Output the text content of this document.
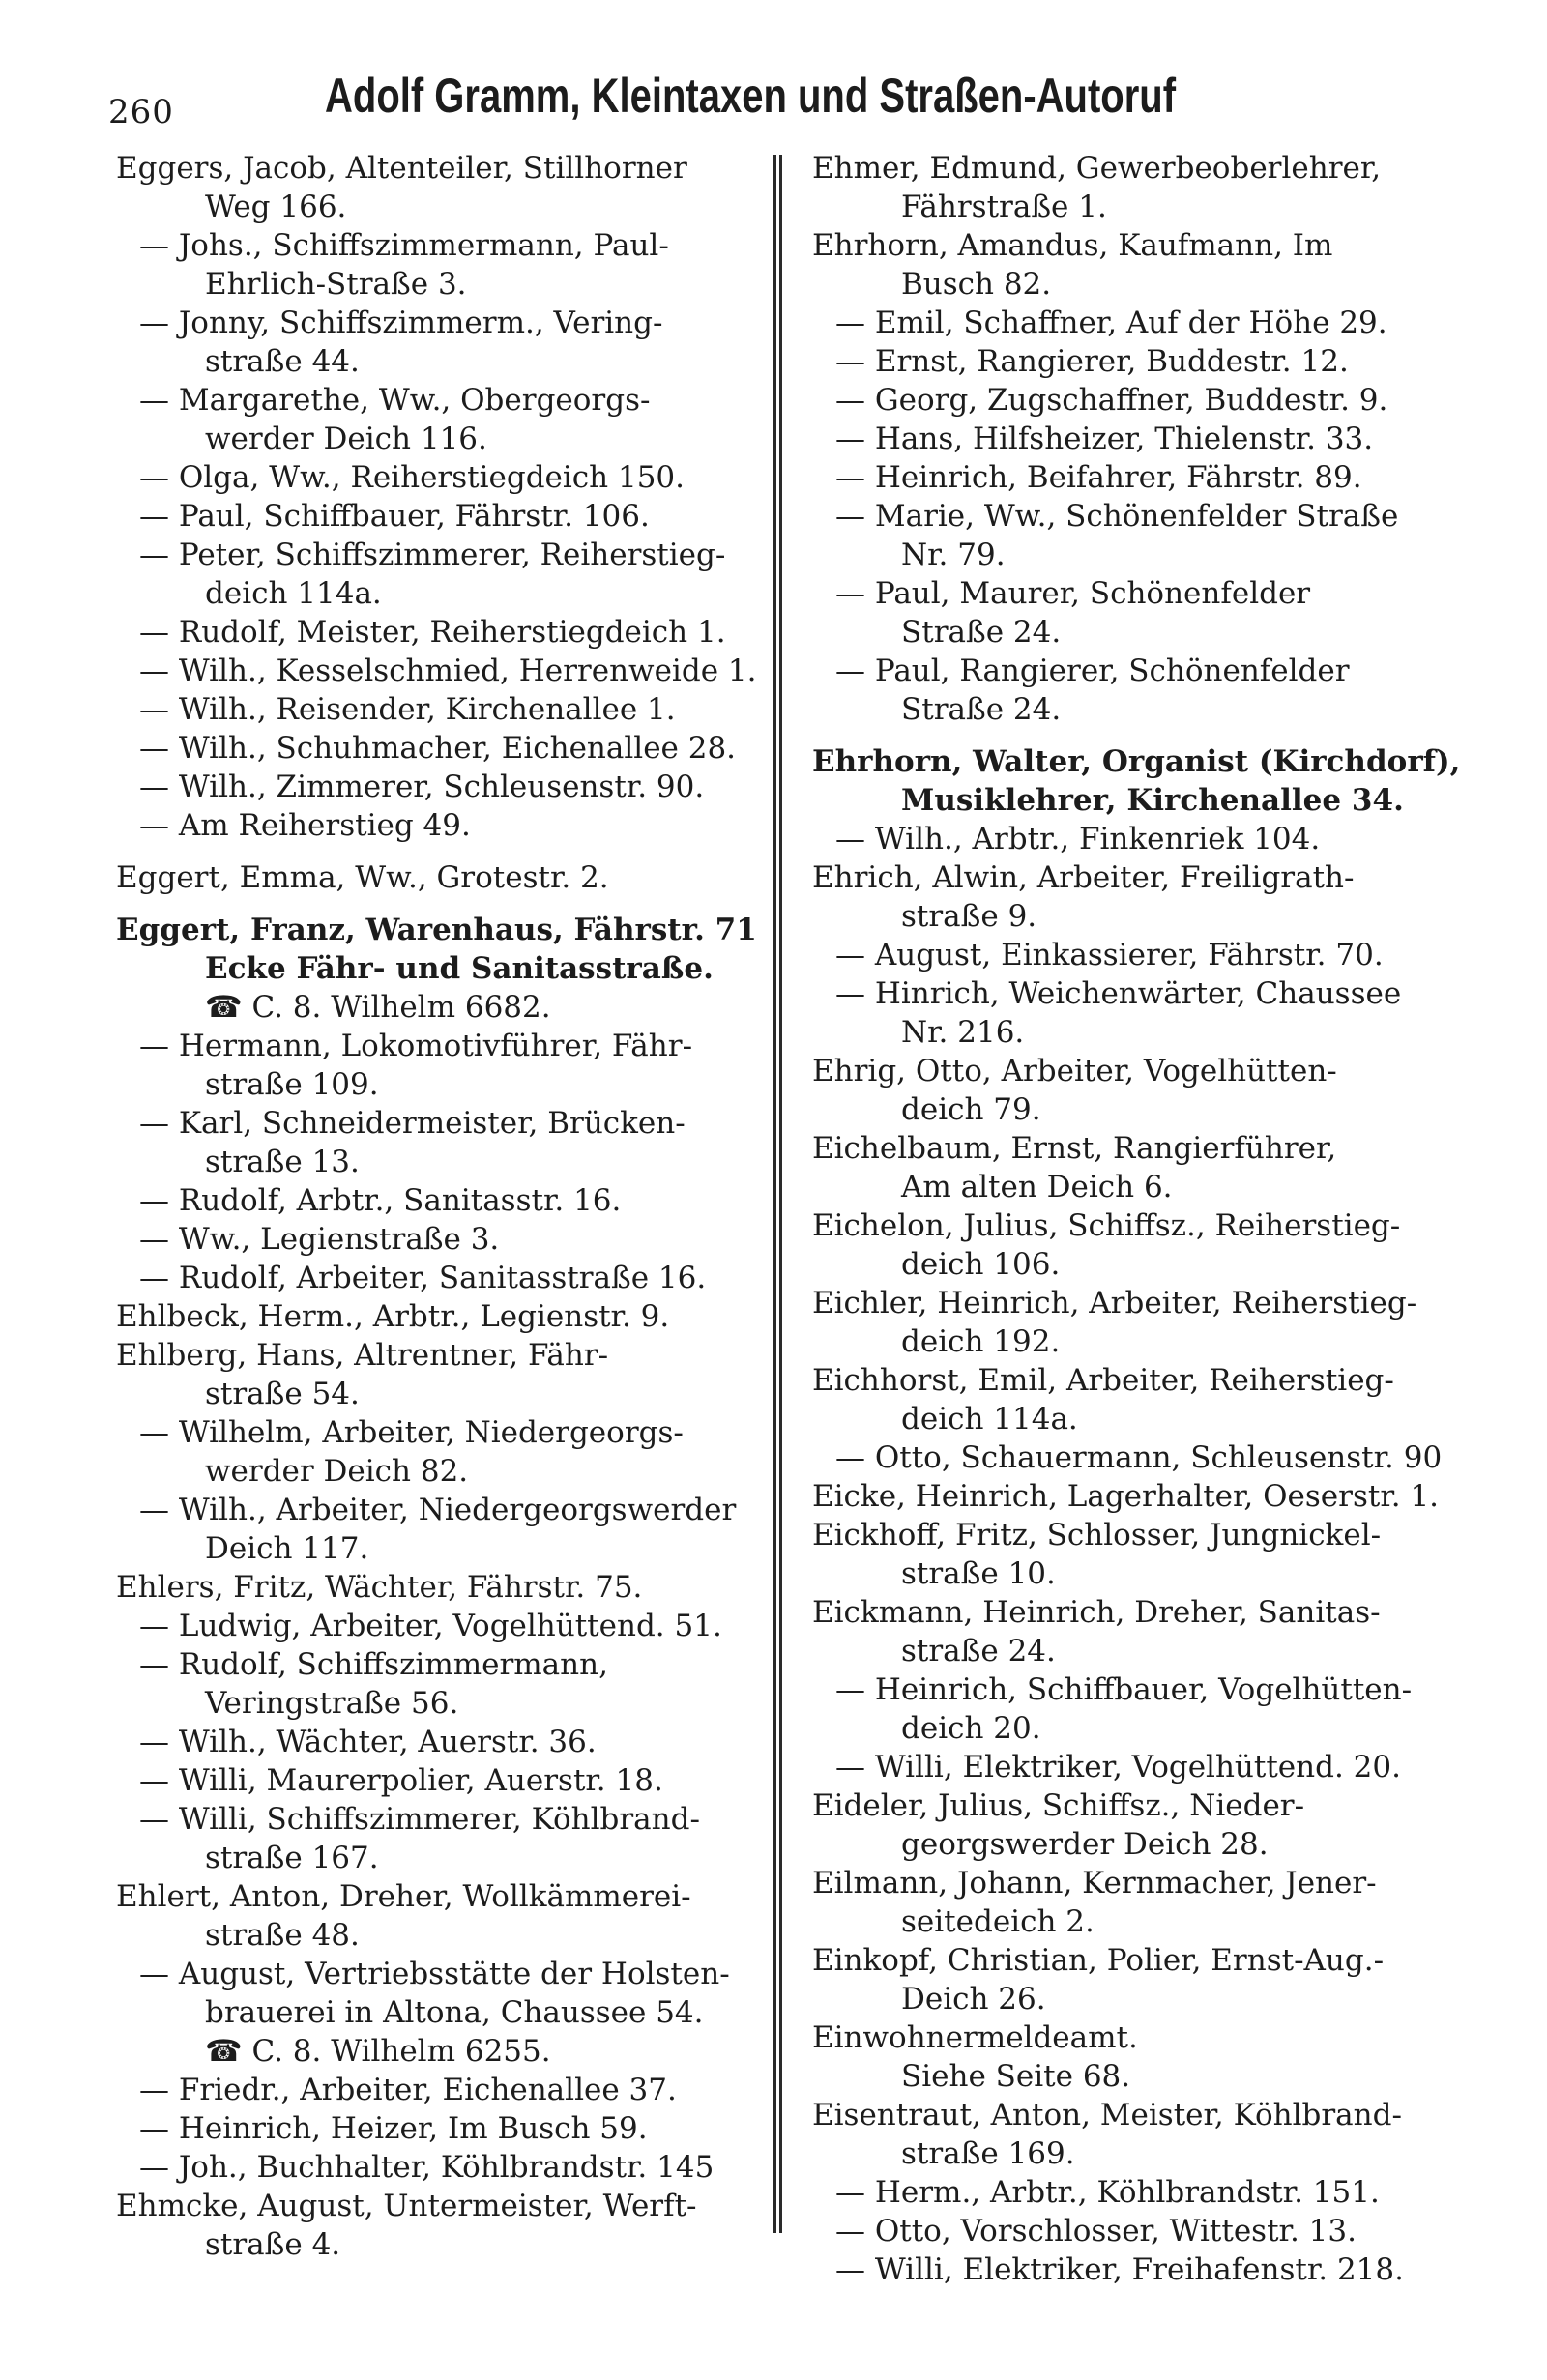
260	Adolf Gramm, Kleintaxen und Straßen-Autoruf

Eggers, Jacob, Altenteiler, Stillhorner
Weg 166.

— Johs., Schiffszimmermann, Paul-
Ehrlich-Straße 3.

— Jonny, Schiffszimmerm., Vering-
straße 44.

— Margarethe, Ww., Obergeorgs-
werder Deich 116.

— Olga, Ww., Reiherstiegdeich 150.

— Paul, Schiffbauer, Fährstr. 106.

— Peter, Schiffszimmerer, Reiherstieg-
deich 114a.

— Rudolf, Meister, Reiherstiegdeich 1.

— Wilh., Kesselschmied, Herrenweide 1.

— Wilh., Reisender, Kirchenallee 1.

— Wilh., Schuhmacher, Eichenallee 28.

— Wilh., Zimmerer, Schleusenstr. 90.

— Am Reiherstieg 49.

Eggert, Emma, Ww., Grotestr. 2.

Eggert, Franz, Warenhaus, Fährstr. 71
Ecke Fähr- und Sanitasstraße.

☎ C. 8. Wilhelm 6682.

— Hermann, Lokomotivführer, Fähr-
straße 109.

— Karl, Schneidermeister, Brücken-
straße 13.

— Rudolf, Arbtr., Sanitasstr. 16.

— Ww., Legienstraße 3.

— Rudolf, Arbeiter, Sanitasstraße 16.

Ehlbeck, Herm., Arbtr., Legienstr. 9.

Ehlberg, Hans, Altrentner, Fähr-
straße 54.

— Wilhelm, Arbeiter, Niedergeorgs-
werder Deich 82.

— Wilh., Arbeiter, Niedergeorgswerder
Deich 117.

Ehlers, Fritz, Wächter, Fährstr. 75.

— Ludwig, Arbeiter, Vogelhüttend. 51.

— Rudolf, Schiffszimmermann,
Veringstraße 56.

— Wilh., Wächter, Auerstr. 36.

— Willi, Maurerpolier, Auerstr. 18.

— Willi, Schiffszimmerer, Köhlbrand-
straße 167.

Ehlert, Anton, Dreher, Wollkämmerei-
straße 48.

— August, Vertriebsstätte der Holsten-
brauerei in Altona, Chaussee 54.

☎ C. 8. Wilhelm 6255.

— Friedr., Arbeiter, Eichenallee 37.

— Heinrich, Heizer, Im Busch 59.

— Joh., Buchhalter, Köhlbrandstr. 145

Ehmcke, August, Untermeister, Werft-
straße 4.

Ehmer, Edmund, Gewerbeoberlehrer,
Fährstraße 1.

Ehrhorn, Amandus, Kaufmann, Im
Busch 82.

— Emil, Schaffner, Auf der Höhe 29.

— Ernst, Rangierer, Buddestr. 12.

— Georg, Zugschaffner, Buddestr. 9.

— Hans, Hilfsheizer, Thielenstr. 33.

— Heinrich, Beifahrer, Fährstr. 89.

— Marie, Ww., Schönenfelder Straße
Nr. 79.

— Paul, Maurer, Schönenfelder
Straße 24.

— Paul, Rangierer, Schönenfelder
Straße 24.

Ehrhorn, Walter, Organist (Kirchdorf),
Musiklehrer, Kirchenallee 34.

— Wilh., Arbtr., Finkenriek 104.

Ehrich, Alwin, Arbeiter, Freiligrath-
straße 9.

— August, Einkassierer, Fährstr. 70.

— Hinrich, Weichenwärter, Chaussee
Nr. 216.

Ehrig, Otto, Arbeiter, Vogelhütten-
deich 79.

Eichelbaum, Ernst, Rangierführer,
Am alten Deich 6.

Eichelon, Julius, Schiffsz., Reiherstieg-
deich 106.

Eichler, Heinrich, Arbeiter, Reiherstieg-
deich 192.

Eichhorst, Emil, Arbeiter, Reiherstieg-
deich 114a.

— Otto, Schauermann, Schleusenstr. 90

Eicke, Heinrich, Lagerhalter, Oeserstr. 1.

Eickhoff, Fritz, Schlosser, Jungnickel-
straße 10.

Eickmann, Heinrich, Dreher, Sanitas-
straße 24.

— Heinrich, Schiffbauer, Vogelhütten-
deich 20.

— Willi, Elektriker, Vogelhüttend. 20.

Eideler, Julius, Schiffsz., Nieder-
georgswerder Deich 28.

Eilmann, Johann, Kernmacher, Jener-
seitedeich 2.

Einkopf, Christian, Polier, Ernst-Aug.-
Deich 26.

Einwohnermeldeamt.
Siehe Seite 68.

Eisentraut, Anton, Meister, Köhlbrand-
straße 169.

— Herm., Arbtr., Köhlbrandstr. 151.

— Otto, Vorschlosser, Wittestr. 13.

— Willi, Elektriker, Freihafenstr. 218.
